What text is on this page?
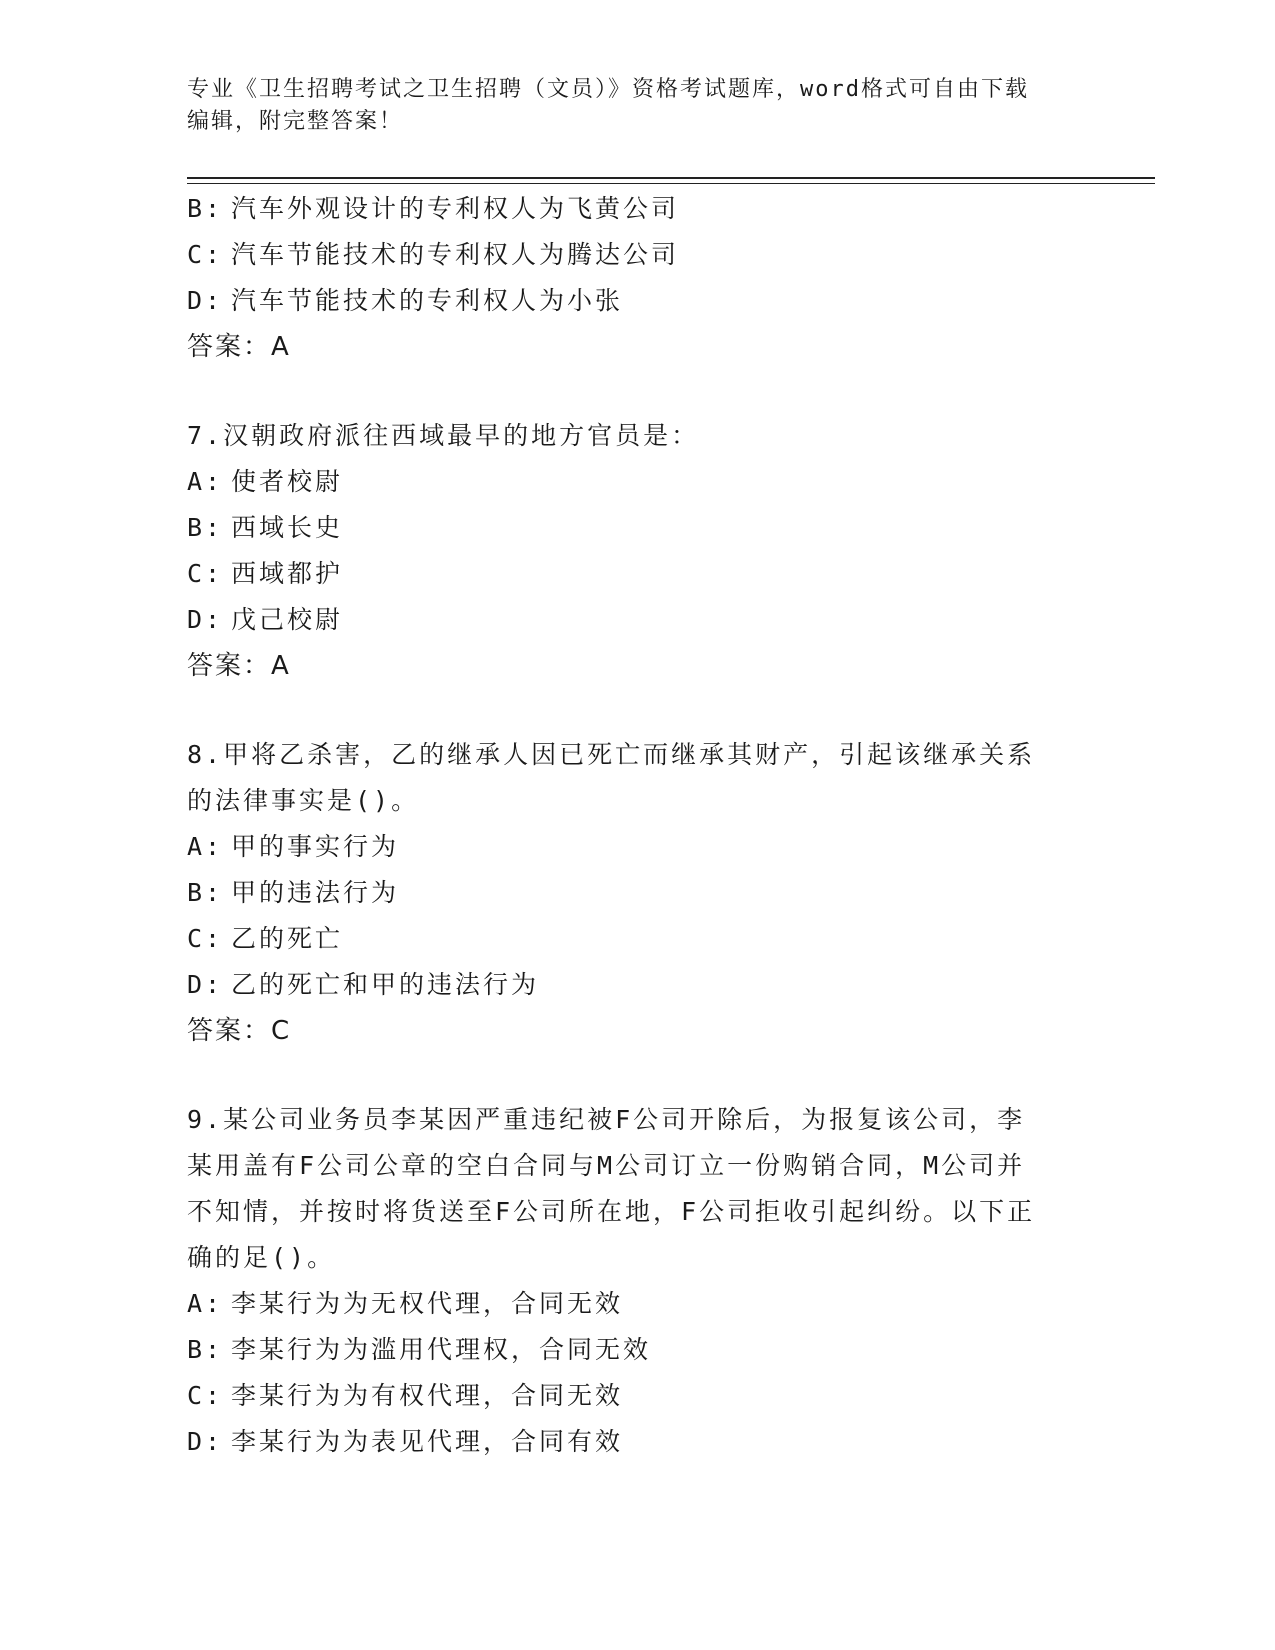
专业《卫生招聘考试之卫生招聘（文员）》资格考试题库，word格式可自由下载
编辑，附完整答案！
B: 汽车外观设计的专利权人为飞黄公司
C: 汽车节能技术的专利权人为腾达公司
D: 汽车节能技术的专利权人为小张
答案：A
7.汉朝政府派往西域最早的地方官员是：
A: 使者校尉
B: 西域长史
C: 西域都护
D: 戊己校尉
答案：A
8.甲将乙杀害，乙的继承人因已死亡而继承其财产，引起该继承关系
的法律事实是()。
A: 甲的事实行为
B: 甲的违法行为
C: 乙的死亡
D: 乙的死亡和甲的违法行为
答案：C
9.某公司业务员李某因严重违纪被F公司开除后，为报复该公司，李
某用盖有F公司公章的空白合同与M公司订立一份购销合同，M公司并
不知情，并按时将货送至F公司所在地，F公司拒收引起纠纷。以下正
确的足()。
A: 李某行为为无权代理，合同无效
B: 李某行为为滥用代理权，合同无效
C: 李某行为为有权代理，合同无效
D: 李某行为为表见代理，合同有效
